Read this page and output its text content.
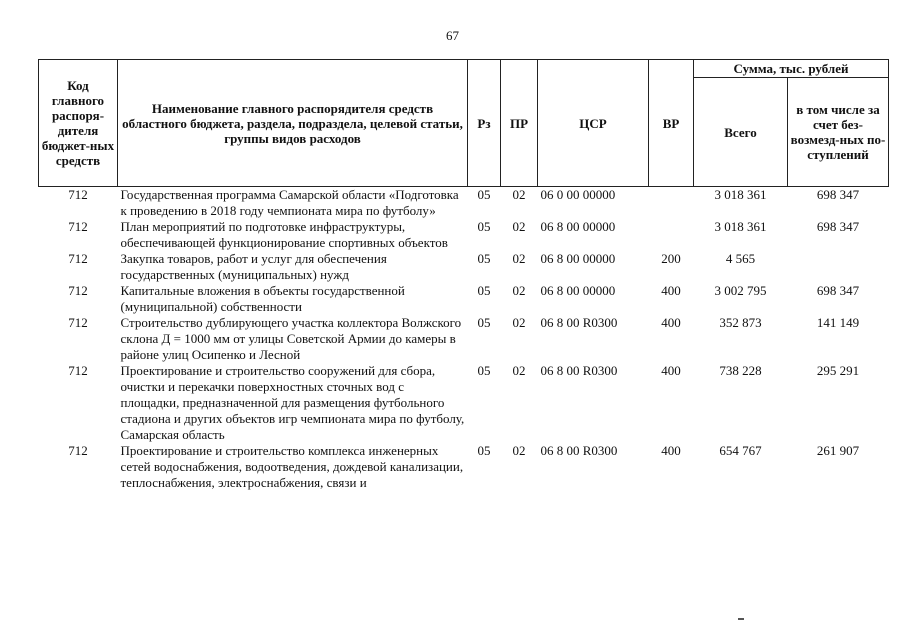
67
Код главного распоря-дителя бюджет-ных средств	Наименование главного распорядителя средств областного бюджета, раздела, подраздела, целевой статьи, группы видов расходов	Рз	ПР	ЦСР	ВР	Сумма, тыс. рублей	
						Всего	в том числе за счет без-возмезд-ных по-ступлений
712	Государственная программа Самарской области «Подготовка к проведению в 2018 году чемпионата мира по футболу»	05	02	06 0 00 00000		3 018 361	698 347
712	План мероприятий по подготовке инфраструктуры, обеспечивающей функционирование спортивных объектов	05	02	06 8 00 00000		3 018 361	698 347
712	Закупка товаров, работ и услуг для обеспечения государственных (муниципальных) нужд	05	02	06 8 00 00000	200	4 565	
712	Капитальные вложения в объекты государственной (муниципальной) собственности	05	02	06 8 00 00000	400	3 002 795	698 347
712	Строительство дублирующего участка коллектора Волжского склона Д = 1000 мм от улицы Советской Армии до камеры в районе улиц Осипенко и Лесной	05	02	06 8 00 R0300	400	352 873	141 149
712	Проектирование и строительство сооружений для сбора, очистки и перекачки поверхностных сточных вод с площадки, предназначенной для размещения футбольного стадиона и других объектов игр чемпионата мира по футболу, Самарская область	05	02	06 8 00 R0300	400	738 228	295 291
712	Проектирование и строительство комплекса инженерных сетей водоснабжения, водоотведения, дождевой канализации, теплоснабжения, электроснабжения, связи и	05	02	06 8 00 R0300	400	654 767	261 907
